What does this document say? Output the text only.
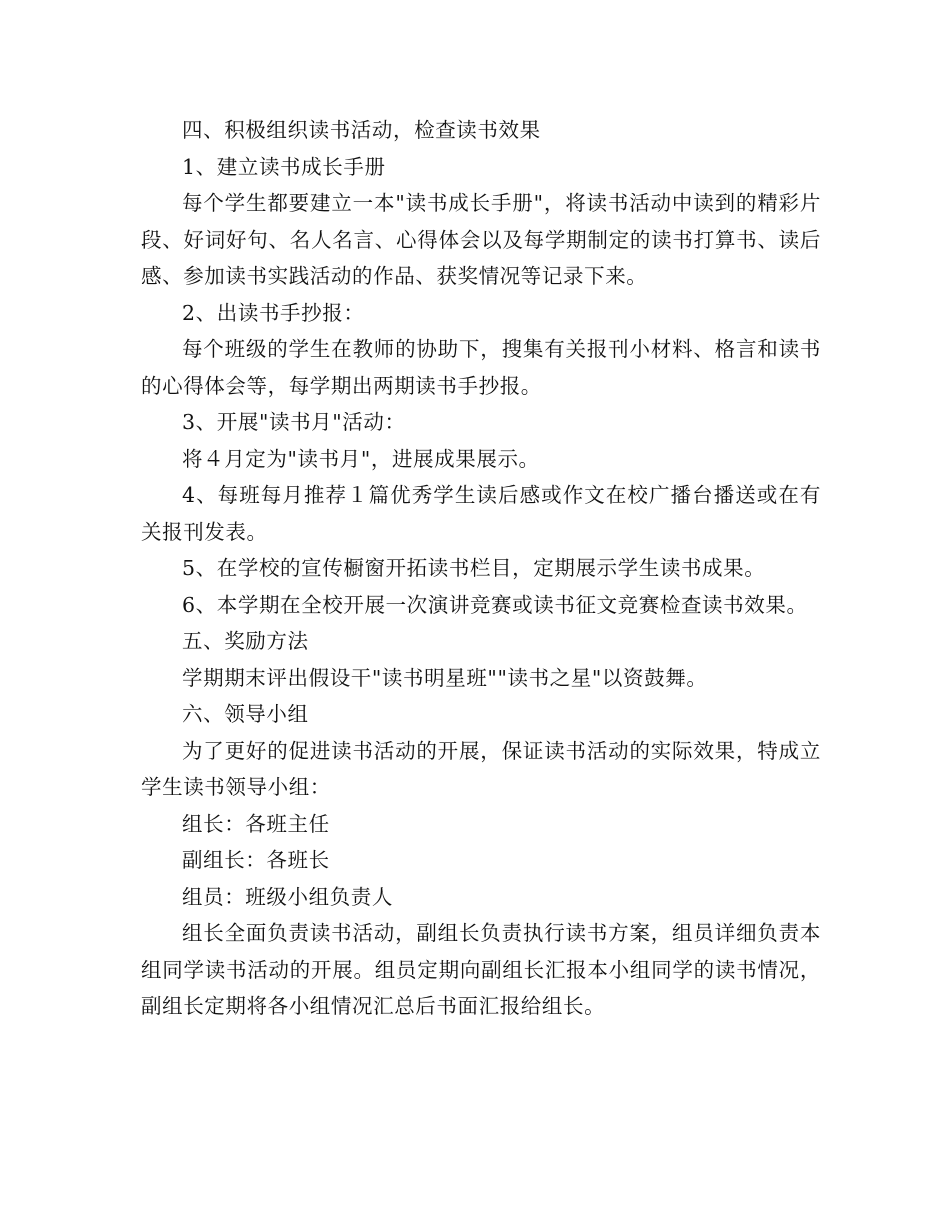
四、积极组织读书活动，检查读书效果

1、建立读书成长手册

每个学生都要建立一本"读书成长手册"，将读书活动中读到的精彩片段、好词好句、名人名言、心得体会以及每学期制定的读书打算书、读后感、参加读书实践活动的作品、获奖情况等记录下来。

2、出读书手抄报：

每个班级的学生在教师的协助下，搜集有关报刊小材料、格言和读书的心得体会等，每学期出两期读书手抄报。

3、开展"读书月"活动：

将４月定为"读书月"，进展成果展示。

4、每班每月推荐１篇优秀学生读后感或作文在校广播台播送或在有关报刊发表。

5、在学校的宣传橱窗开拓读书栏目，定期展示学生读书成果。

6、本学期在全校开展一次演讲竞赛或读书征文竞赛检查读书效果。

五、奖励方法

学期期末评出假设干"读书明星班""读书之星"以资鼓舞。

六、领导小组

为了更好的促进读书活动的开展，保证读书活动的实际效果，特成立学生读书领导小组：

组长：各班主任

副组长：各班长

组员：班级小组负责人

组长全面负责读书活动，副组长负责执行读书方案，组员详细负责本组同学读书活动的开展。组员定期向副组长汇报本小组同学的读书情况，副组长定期将各小组情况汇总后书面汇报给组长。
